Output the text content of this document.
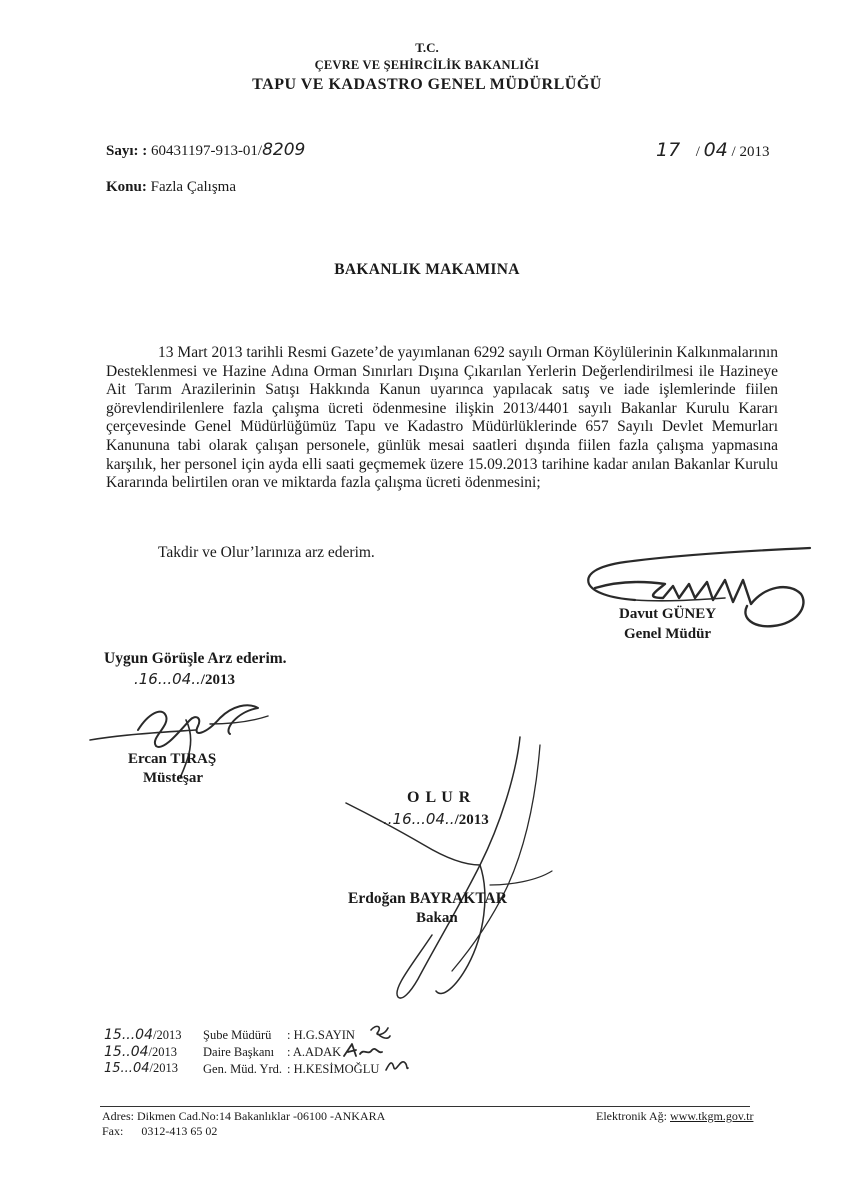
T.C.
ÇEVRE VE ŞEHİRCİLİK BAKANLIĞI
TAPU VE KADASTRO GENEL MÜDÜRLÜĞÜ
Sayı: : 60431197-913-01/8209	17 / 04 / 2013
Konu: Fazla Çalışma
BAKANLIK MAKAMINA

13 Mart 2013 tarihli Resmi Gazete’de yayımlanan 6292 sayılı Orman Köylülerinin Kalkınmalarının Desteklenmesi ve Hazine Adına Orman Sınırları Dışına Çıkarılan Yerlerin Değerlendirilmesi ile Hazineye Ait Tarım Arazilerinin Satışı Hakkında Kanun uyarınca yapılacak satış ve iade işlemlerinde fiilen görevlendirilenlere fazla çalışma ücreti ödenmesine ilişkin 2013/4401 sayılı Bakanlar Kurulu Kararı çerçevesinde Genel Müdürlüğümüz Tapu ve Kadastro Müdürlüklerinde 657 Sayılı Devlet Memurları Kanununa tabi olarak çalışan personele, günlük mesai saatleri dışında fiilen fazla çalışma yapmasına karşılık, her personel için ayda elli saati geçmemek üzere 15.09.2013 tarihine kadar anılan Bakanlar Kurulu Kararında belirtilen oran ve miktarda fazla çalışma ücreti ödenmesini;

Takdir ve Olur’larınıza arz ederim.
Davut GÜNEY
Genel Müdür
Uygun Görüşle Arz ederim.
.16...04../2013
Ercan TIRAŞ
Müsteşar
O L U R
..16...04../2013
Erdoğan BAYRAKTAR
Bakan
15...04/2013	Şube Müdürü : H.G.SAYIN
15..04/2013	Daire Başkanı : A.ADAK
15...04/2013	Gen. Müd. Yrd. : H.KESİMOĞLU
Adres: Dikmen Cad.No:14 Bakanlıklar -06100 -ANKARA
Fax:      0312-413 65 02
Elektronik Ağ: www.tkgm.gov.tr
